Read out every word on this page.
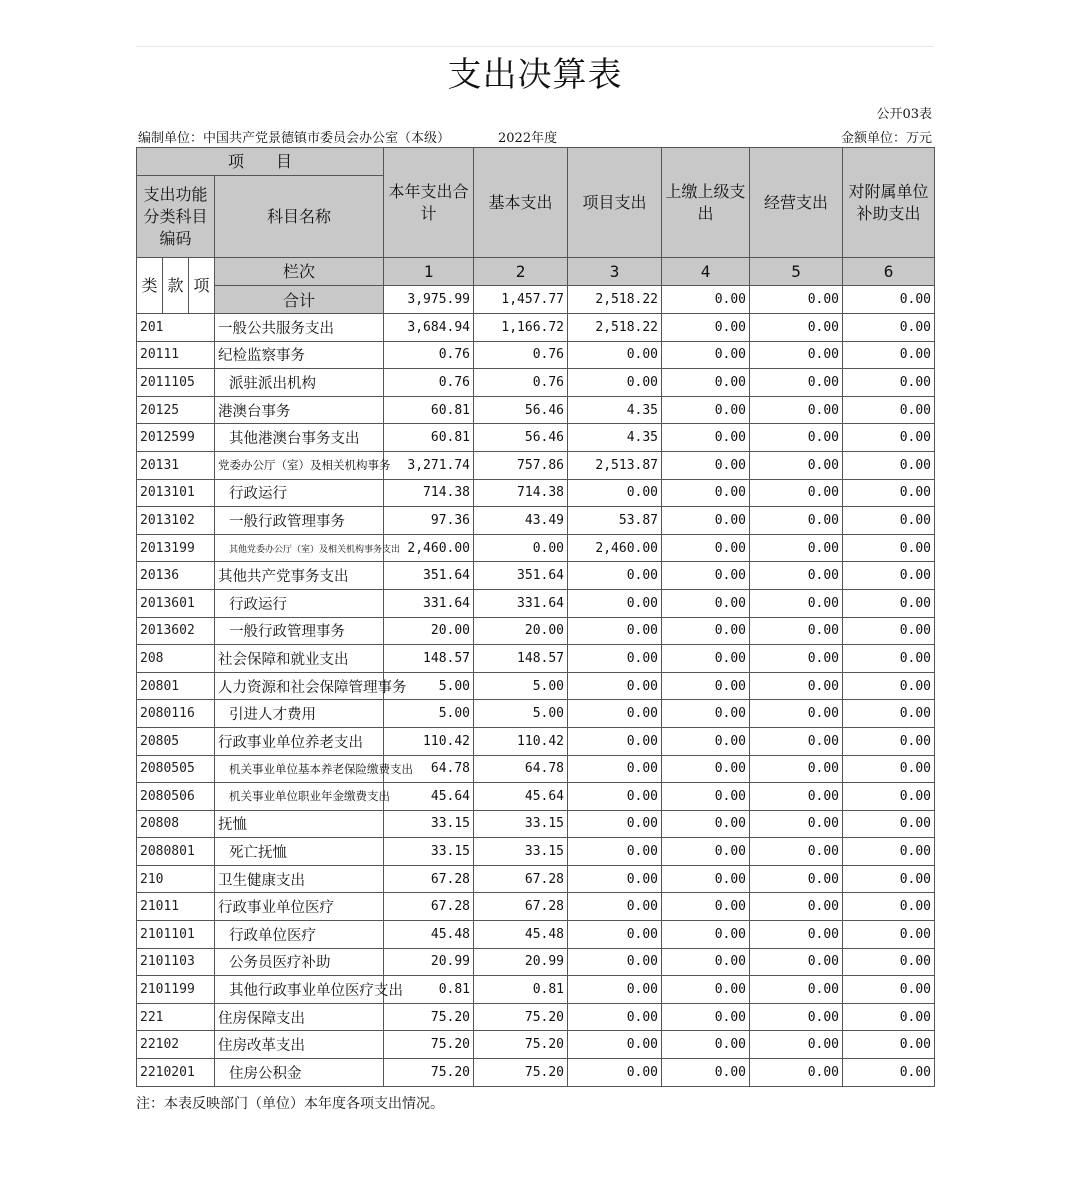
支出决算表
公开03表
编制单位：中国共产党景德镇市委员会办公室（本级）	2022年度	金额单位：万元
项　　目				本年支出合计	基本支出	项目支出	上缴上级支出	经营支出	对附属单位补助支出
支出功能分类科目编码			科目名称						
类	款	项	栏次	1	2	3	4	5	6
			合计	3,975.99	1,457.77	2,518.22	0.00	0.00	0.00
201			一般公共服务支出	3,684.94	1,166.72	2,518.22	0.00	0.00	0.00
20111			纪检监察事务	0.76	0.76	0.00	0.00	0.00	0.00
2011105			派驻派出机构	0.76	0.76	0.00	0.00	0.00	0.00
20125			港澳台事务	60.81	56.46	4.35	0.00	0.00	0.00
2012599			其他港澳台事务支出	60.81	56.46	4.35	0.00	0.00	0.00
20131			党委办公厅（室）及相关机构事务	3,271.74	757.86	2,513.87	0.00	0.00	0.00
2013101			行政运行	714.38	714.38	0.00	0.00	0.00	0.00
2013102			一般行政管理事务	97.36	43.49	53.87	0.00	0.00	0.00
2013199			其他党委办公厅（室）及相关机构事务支出	2,460.00	0.00	2,460.00	0.00	0.00	0.00
20136			其他共产党事务支出	351.64	351.64	0.00	0.00	0.00	0.00
2013601			行政运行	331.64	331.64	0.00	0.00	0.00	0.00
2013602			一般行政管理事务	20.00	20.00	0.00	0.00	0.00	0.00
208			社会保障和就业支出	148.57	148.57	0.00	0.00	0.00	0.00
20801			人力资源和社会保障管理事务	5.00	5.00	0.00	0.00	0.00	0.00
2080116			引进人才费用	5.00	5.00	0.00	0.00	0.00	0.00
20805			行政事业单位养老支出	110.42	110.42	0.00	0.00	0.00	0.00
2080505			机关事业单位基本养老保险缴费支出	64.78	64.78	0.00	0.00	0.00	0.00
2080506			机关事业单位职业年金缴费支出	45.64	45.64	0.00	0.00	0.00	0.00
20808			抚恤	33.15	33.15	0.00	0.00	0.00	0.00
2080801			死亡抚恤	33.15	33.15	0.00	0.00	0.00	0.00
210			卫生健康支出	67.28	67.28	0.00	0.00	0.00	0.00
21011			行政事业单位医疗	67.28	67.28	0.00	0.00	0.00	0.00
2101101			行政单位医疗	45.48	45.48	0.00	0.00	0.00	0.00
2101103			公务员医疗补助	20.99	20.99	0.00	0.00	0.00	0.00
2101199			其他行政事业单位医疗支出	0.81	0.81	0.00	0.00	0.00	0.00
221			住房保障支出	75.20	75.20	0.00	0.00	0.00	0.00
22102			住房改革支出	75.20	75.20	0.00	0.00	0.00	0.00
2210201			住房公积金	75.20	75.20	0.00	0.00	0.00	0.00
注：本表反映部门（单位）本年度各项支出情况。
